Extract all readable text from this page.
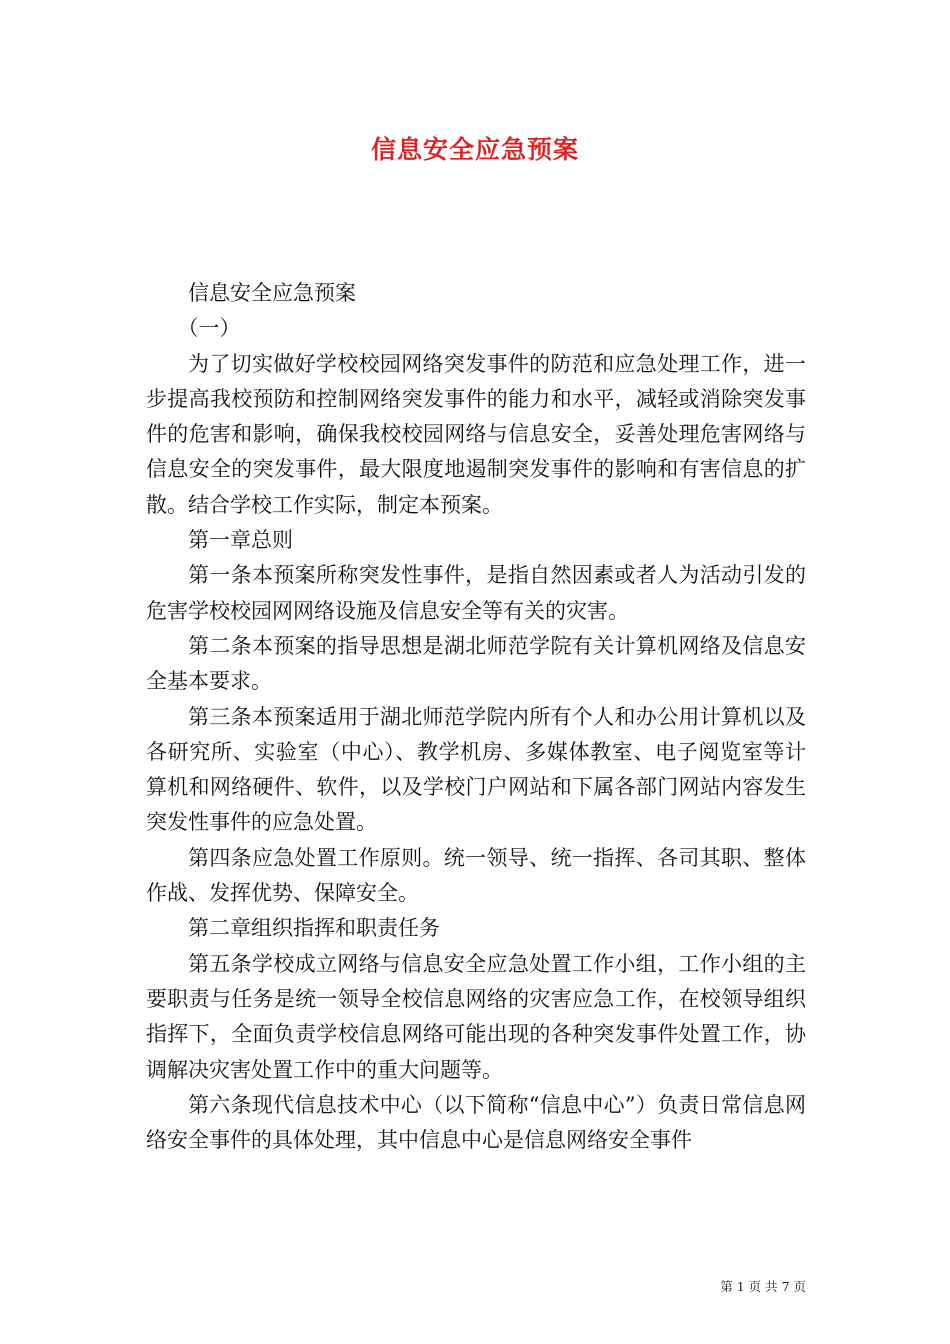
信息安全应急预案

信息安全应急预案

（一）

为了切实做好学校校园网络突发事件的防范和应急处理工作，进一步提高我校预防和控制网络突发事件的能力和水平，减轻或消除突发事件的危害和影响，确保我校校园网络与信息安全，妥善处理危害网络与信息安全的突发事件，最大限度地遏制突发事件的影响和有害信息的扩散。结合学校工作实际，制定本预案。

第一章总则

第一条本预案所称突发性事件，是指自然因素或者人为活动引发的危害学校校园网网络设施及信息安全等有关的灾害。

第二条本预案的指导思想是湖北师范学院有关计算机网络及信息安全基本要求。

第三条本预案适用于湖北师范学院内所有个人和办公用计算机以及各研究所、实验室（中心）、教学机房、多媒体教室、电子阅览室等计算机和网络硬件、软件，以及学校门户网站和下属各部门网站内容发生突发性事件的应急处置。

第四条应急处置工作原则。统一领导、统一指挥、各司其职、整体作战、发挥优势、保障安全。

第二章组织指挥和职责任务

第五条学校成立网络与信息安全应急处置工作小组，工作小组的主要职责与任务是统一领导全校信息网络的灾害应急工作，在校领导组织指挥下，全面负责学校信息网络可能出现的各种突发事件处置工作，协调解决灾害处置工作中的重大问题等。

第六条现代信息技术中心（以下简称“信息中心”）负责日常信息网络安全事件的具体处理，其中信息中心是信息网络安全事件

第 1 页 共 7 页
